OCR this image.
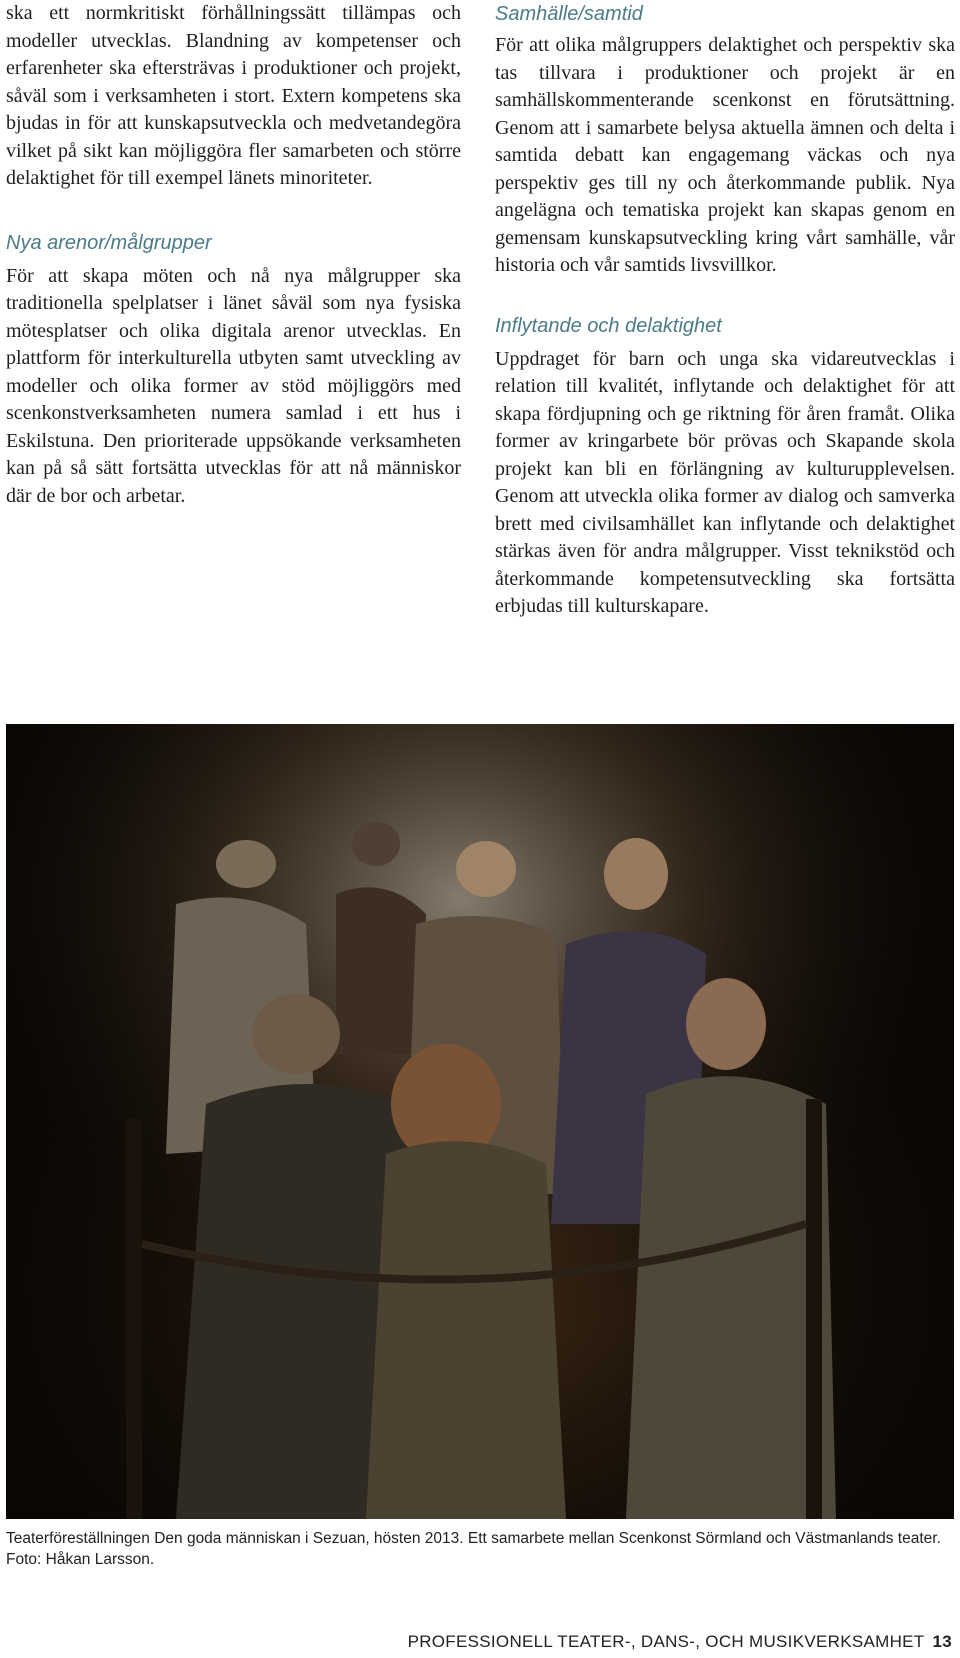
ska ett normkritiskt förhållningssätt tillämpas och modeller utvecklas. Blandning av kompetenser och erfarenheter ska eftersträvas i produktioner och projekt, såväl som i verksamheten i stort. Extern kompetens ska bjudas in för att kunskapsutveckla och medvetandegöra vilket på sikt kan möjliggöra fler samarbeten och större delaktighet för till exempel länets minoriteter.

Nya arenor/målgrupper

För att skapa möten och nå nya målgrupper ska traditionella spelplatser i länet såväl som nya fysiska mötesplatser och olika digitala arenor utvecklas. En plattform för interkulturella utbyten samt utveckling av modeller och olika former av stöd möjliggörs med scenkonstverksamheten numera samlad i ett hus i Eskilstuna. Den prioriterade uppsökande verksamheten kan på så sätt fortsätta utvecklas för att nå människor där de bor och arbetar.

Samhälle/samtid

För att olika målgruppers delaktighet och perspektiv ska tas tillvara i produktioner och projekt är en samhällskommenterande scenkonst en förutsättning. Genom att i samarbete belysa aktuella ämnen och delta i samtida debatt kan engagemang väckas och nya perspektiv ges till ny och återkommande publik. Nya angelägna och tematiska projekt kan skapas genom en gemensam kunskapsutveckling kring vårt samhälle, vår historia och vår samtids livsvillkor.

Inflytande och delaktighet

Uppdraget för barn och unga ska vidareutvecklas i relation till kvalitét, inflytande och delaktighet för att skapa fördjupning och ge riktning för åren framåt. Olika former av kringarbete bör prövas och Skapande skola projekt kan bli en förlängning av kulturupplevelsen. Genom att utveckla olika former av dialog och samverka brett med civilsamhället kan inflytande och delaktighet stärkas även för andra målgrupper. Visst teknikstöd och återkommande kompetensutveckling ska fortsätta erbjudas till kulturskapare.

Teaterföreställningen Den goda människan i Sezuan, hösten 2013. Ett samarbete mellan Scenkonst Sörmland och Västmanlands teater. Foto: Håkan Larsson.
PROFESSIONELL TEATER-, DANS-, OCH MUSIKVERKSAMHET 13
